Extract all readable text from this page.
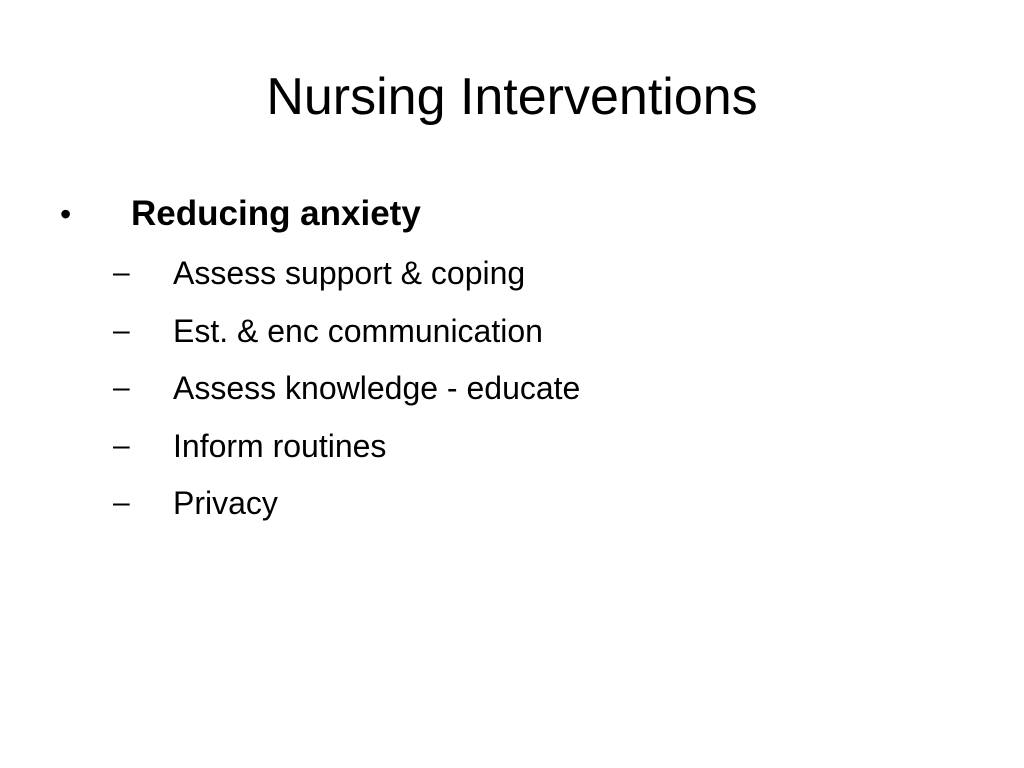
Nursing Interventions
• Reducing anxiety
– Assess support & coping
– Est. & enc communication
– Assess knowledge - educate
– Inform routines
– Privacy
